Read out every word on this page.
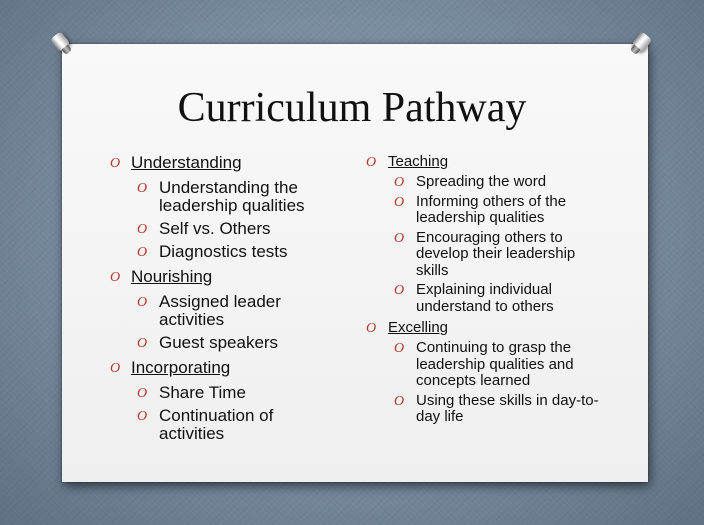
Curriculum Pathway
O Understanding
O Understanding the leadership qualities
O Self vs. Others
O Diagnostics tests
O Nourishing
O Assigned leader activities
O Guest speakers
O Incorporating
O Share Time
O Continuation of activities
O Teaching
O Spreading the word
O Informing others of the leadership qualities
O Encouraging others to develop their leadership skills
O Explaining individual understand to others
O Excelling
O Continuing to grasp the leadership qualities and concepts learned
O Using these skills in day-to-day life
